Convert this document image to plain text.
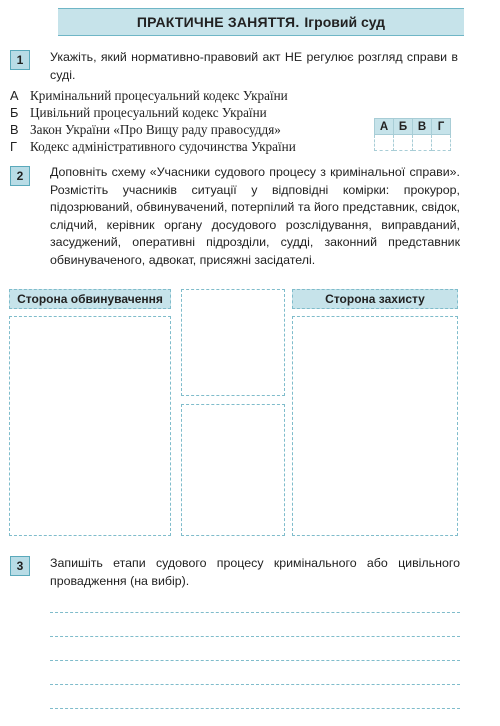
ПРАКТИЧНЕ ЗАНЯТТЯ. Ігровий суд
1	Укажіть, який нормативно-правовий акт НЕ регулює розгляд справи в суді.
А Кримінальний процесуальний кодекс України
Б Цивільний процесуальний кодекс України
В Закон України «Про Вищу раду правосуддя»
Г Кодекс адміністративного судочинства України
А	Б	В	Г

2	Доповніть схему «Учасники судового процесу з кримінальної справи». Розмістіть учасників ситуації у відповідні комірки: прокурор, підозрюваний, обвинувачений, потерпілий та його представник, свідок, слідчий, керівник органу досудового розслідування, виправданий, засуджений, оперативні підрозділи, судді, законний представник обвинуваченого, адвокат, присяжні засідателі.
Сторона обвинувачення	Сторона захисту
3	Запишіть етапи судового процесу кримінального або цивільного провадження (на вибір).
